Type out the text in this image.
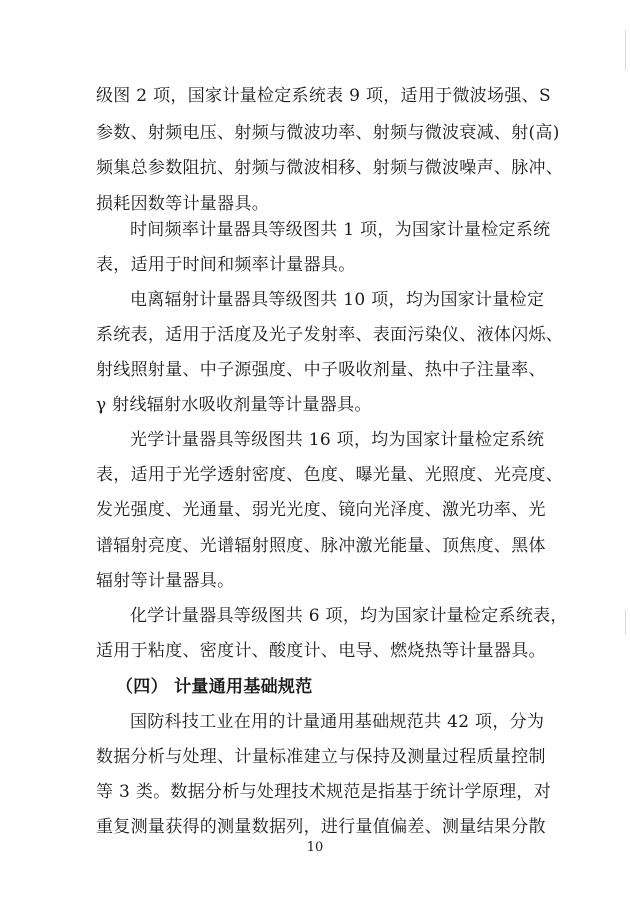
级图 2 项，国家计量检定系统表 9 项，适用于微波场强、S
参数、射频电压、射频与微波功率、射频与微波衰减、射(高)
频集总参数阻抗、射频与微波相移、射频与微波噪声、脉冲、
损耗因数等计量器具。
时间频率计量器具等级图共 1 项，为国家计量检定系统
表，适用于时间和频率计量器具。
电离辐射计量器具等级图共 10 项，均为国家计量检定
系统表，适用于活度及光子发射率、表面污染仪、液体闪烁、
射线照射量、中子源强度、中子吸收剂量、热中子注量率、
γ 射线辐射水吸收剂量等计量器具。
光学计量器具等级图共 16 项，均为国家计量检定系统
表，适用于光学透射密度、色度、曝光量、光照度、光亮度、
发光强度、光通量、弱光光度、镜向光泽度、激光功率、光
谱辐射亮度、光谱辐射照度、脉冲激光能量、顶焦度、黑体
辐射等计量器具。
化学计量器具等级图共 6 项，均为国家计量检定系统表，
适用于粘度、密度计、酸度计、电导、燃烧热等计量器具。
（四） 计量通用基础规范
国防科技工业在用的计量通用基础规范共 42 项，分为
数据分析与处理、计量标准建立与保持及测量过程质量控制
等 3 类。数据分析与处理技术规范是指基于统计学原理，对
重复测量获得的测量数据列，进行量值偏差、测量结果分散
10
